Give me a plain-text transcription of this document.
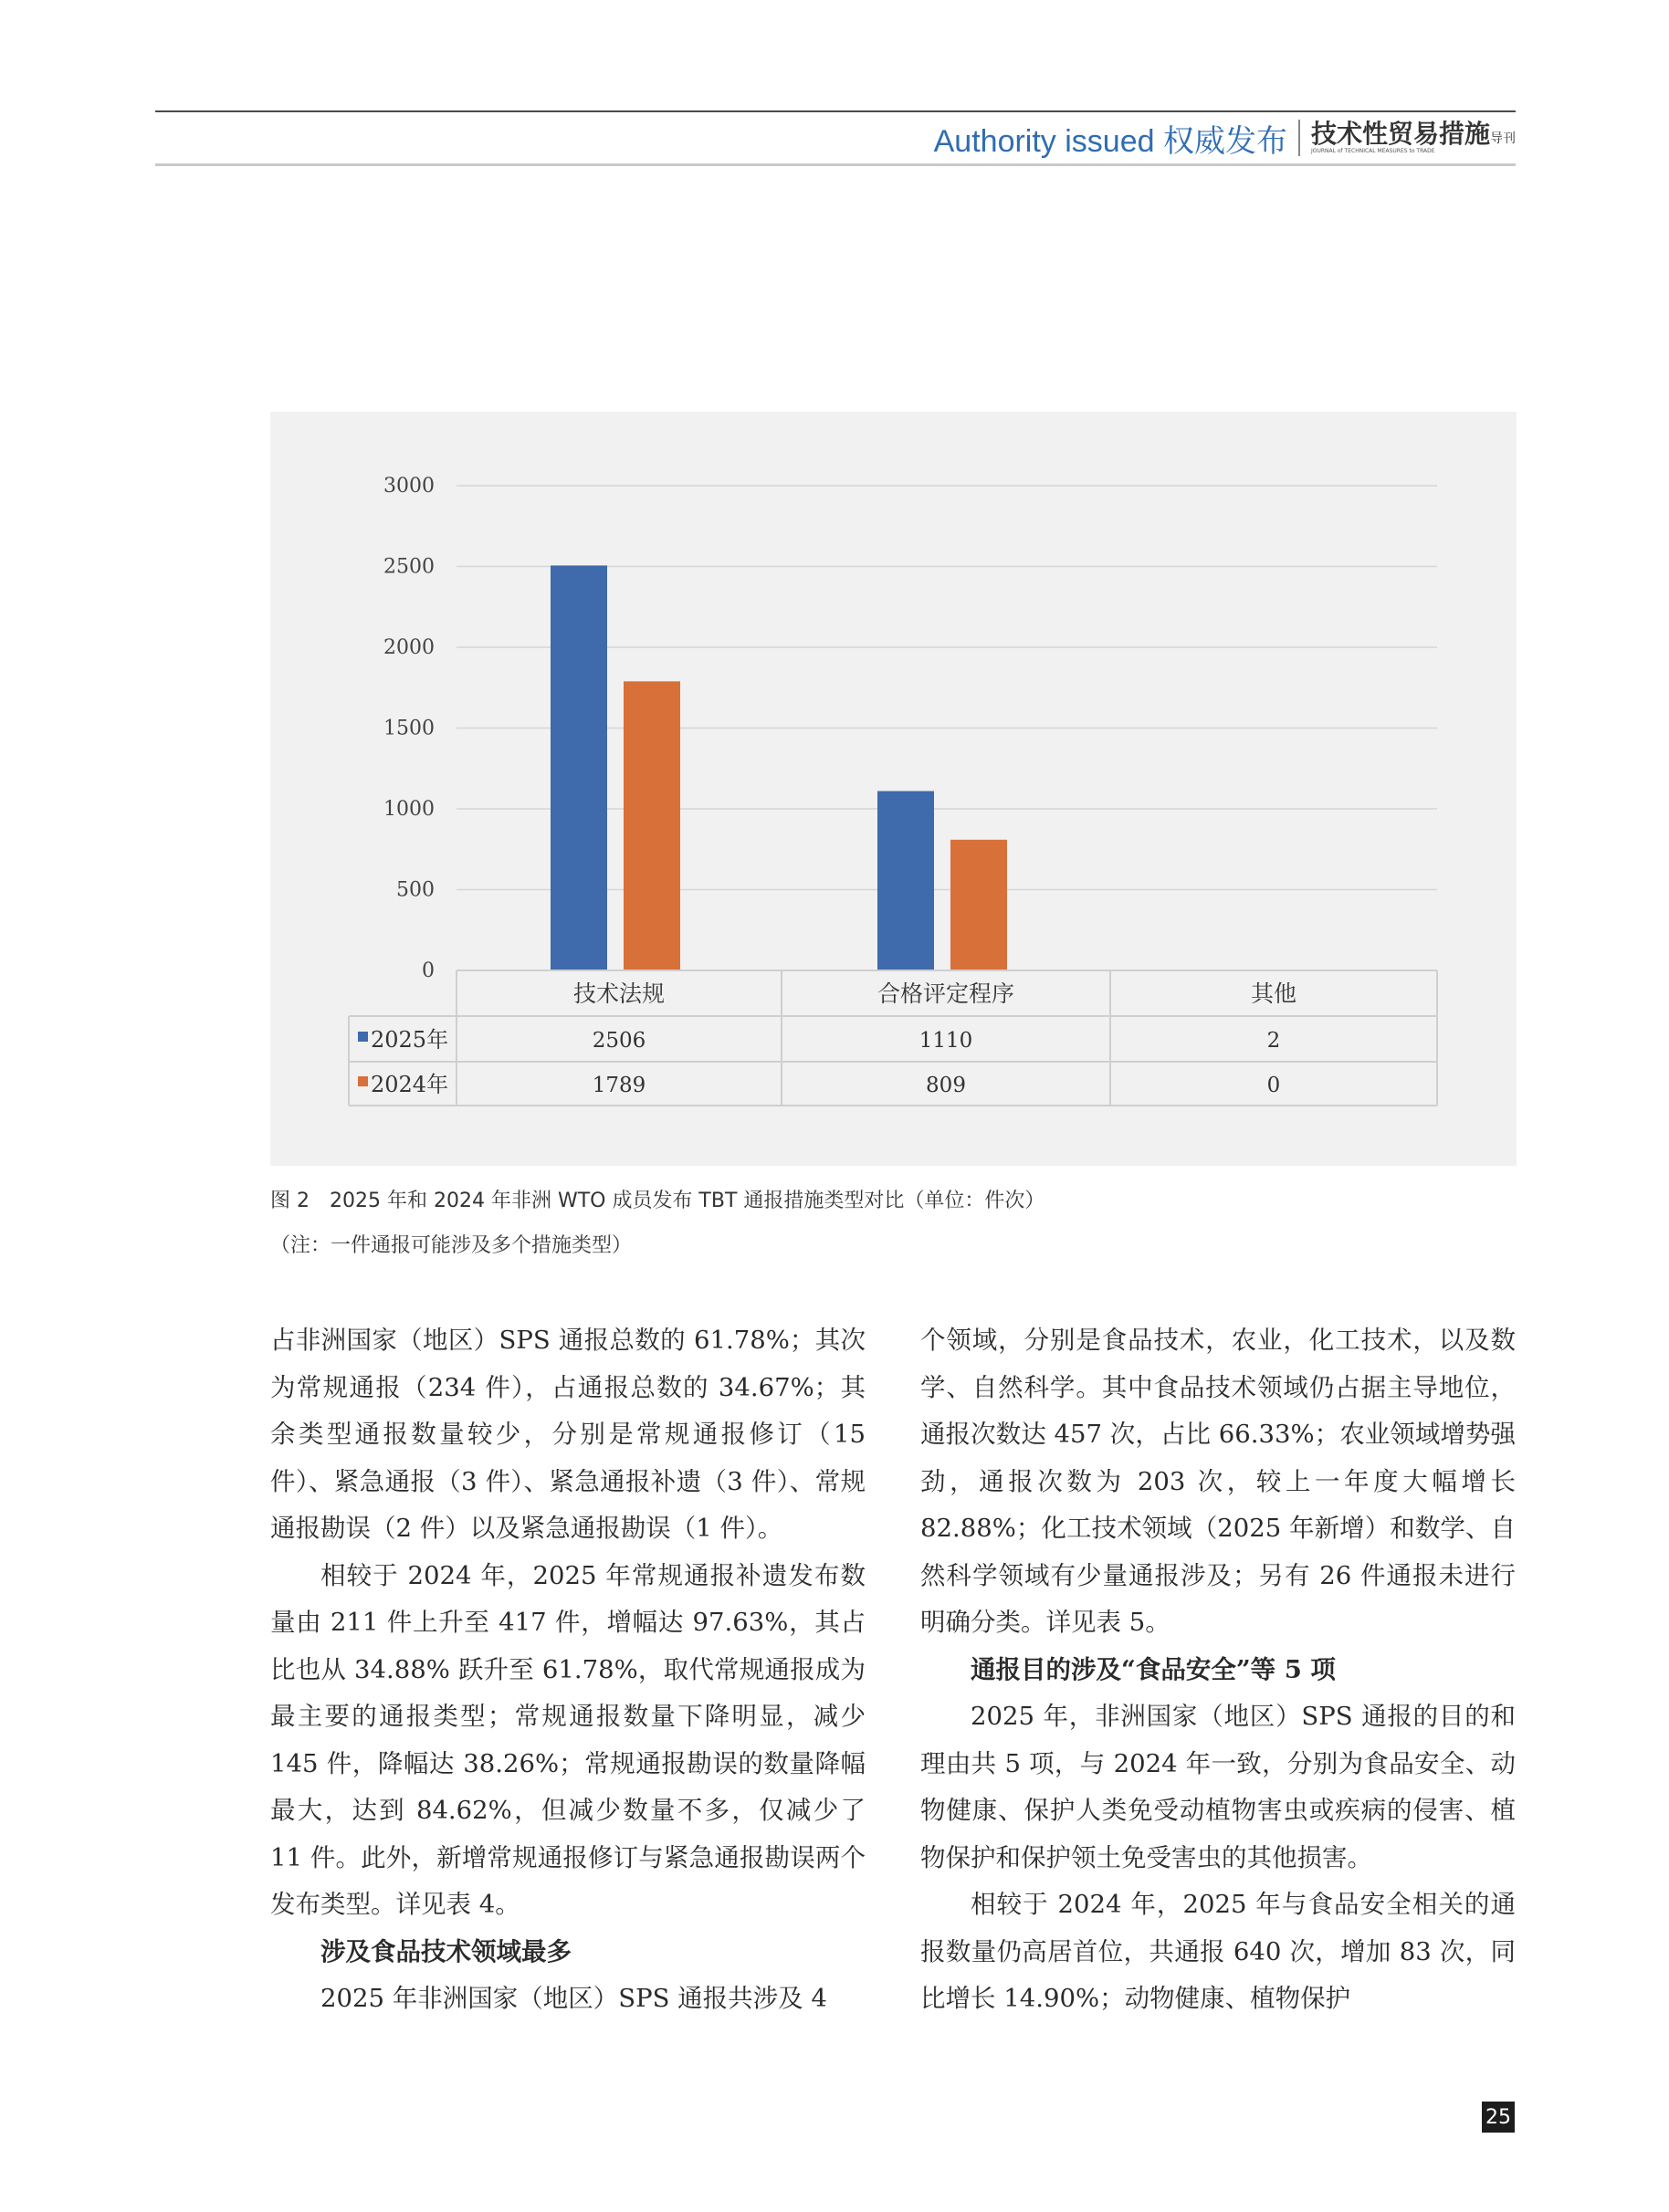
Authority issued 权威发布 技术性贸易措施导刊
JOURNAL of TECHNICAL MEASURES to TRADE
0
500
1000
1500
2000
2500
3000
技术法规	合格评定程序	其他
2025年	2506	1110	2
2024年	1789	809	0
图 2　2025 年和 2024 年非洲 WTO 成员发布 TBT 通报措施类型对比（单位：件次）
（注：一件通报可能涉及多个措施类型）

占非洲国家（地区）SPS 通报总数的 61.78%；其次为常规通报（234 件），占通报总数的 34.67%；其余类型通报数量较少，分别是常规通报修订（15 件）、紧急通报（3 件）、紧急通报补遗（3 件）、常规通报勘误（2 件）以及紧急通报勘误（1 件）。

相较于 2024 年，2025 年常规通报补遗发布数量由 211 件上升至 417 件，增幅达 97.63%，其占比也从 34.88% 跃升至 61.78%，取代常规通报成为最主要的通报类型；常规通报数量下降明显，减少 145 件，降幅达 38.26%；常规通报勘误的数量降幅最大，达到 84.62%，但减少数量不多，仅减少了 11 件。此外，新增常规通报修订与紧急通报勘误两个发布类型。详见表 4。

涉及食品技术领域最多

2025 年非洲国家（地区）SPS 通报共涉及 4

个领域，分别是食品技术，农业，化工技术，以及数学、自然科学。其中食品技术领域仍占据主导地位，通报次数达 457 次，占比 66.33%；农业领域增势强劲，通报次数为 203 次，较上一年度大幅增长 82.88%；化工技术领域（2025 年新增）和数学、自然科学领域有少量通报涉及；另有 26 件通报未进行明确分类。详见表 5。

通报目的涉及“食品安全”等 5 项

2025 年，非洲国家（地区）SPS 通报的目的和理由共 5 项，与 2024 年一致，分别为食品安全、动物健康、保护人类免受动植物害虫或疾病的侵害、植物保护和保护领土免受害虫的其他损害。

相较于 2024 年，2025 年与食品安全相关的通报数量仍高居首位，共通报 640 次，增加 83 次，同比增长 14.90%；动物健康、植物保护

25
